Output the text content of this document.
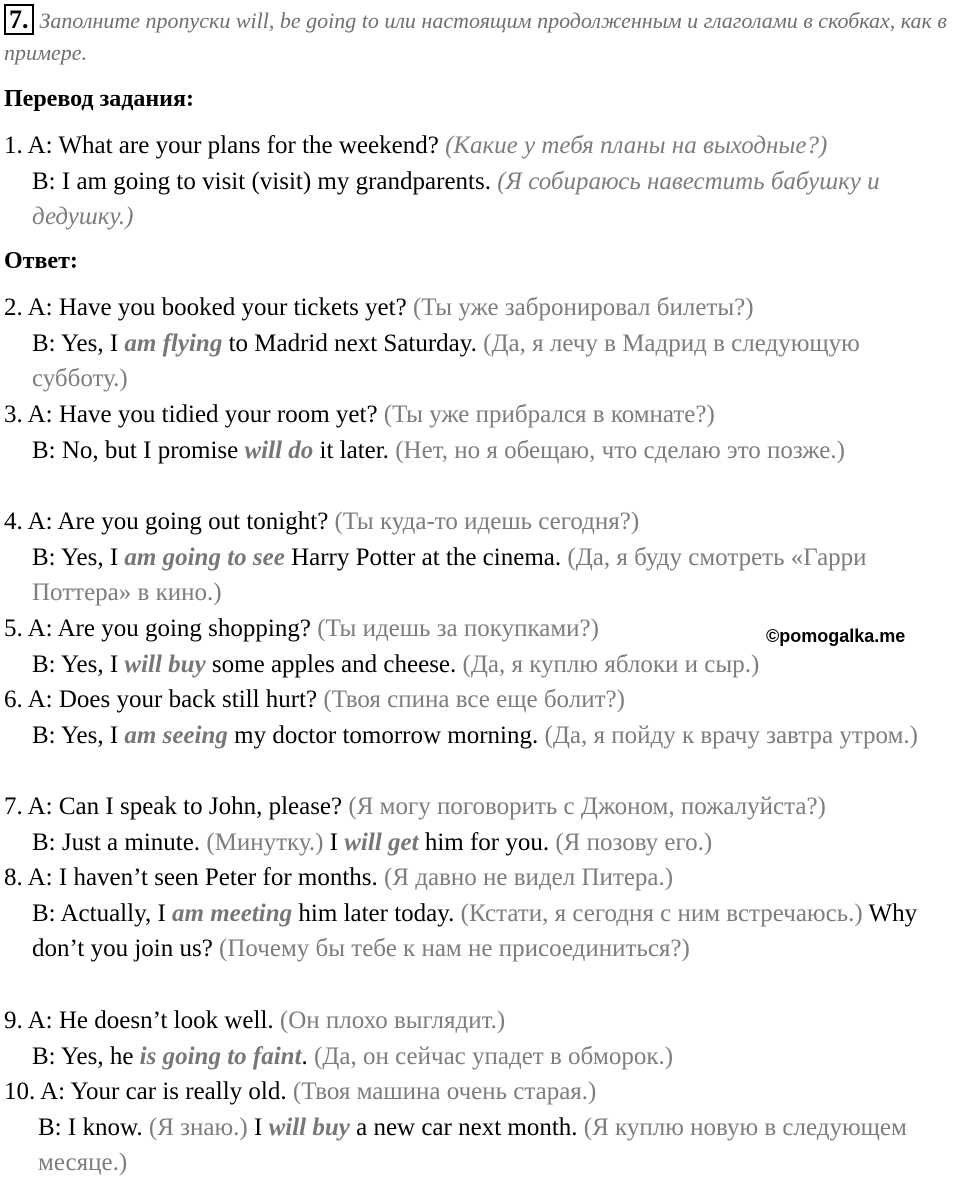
7. Заполните пропуски will, be going to или настоящим продолженным и глаголами в скобках, как в примере.
Перевод задания:
1. A: What are your plans for the weekend? (Какие у тебя планы на выходные?)
B: I am going to visit (visit) my grandparents. (Я собираюсь навестить бабушку и дедушку.)
Ответ:
2. A: Have you booked your tickets yet? (Ты уже забронировал билеты?)
B: Yes, I am flying to Madrid next Saturday. (Да, я лечу в Мадрид в следующую субботу.)
3. A: Have you tidied your room yet? (Ты уже прибрался в комнате?)
B: No, but I promise will do it later. (Нет, но я обещаю, что сделаю это позже.)
4. A: Are you going out tonight? (Ты куда-то идешь сегодня?)
B: Yes, I am going to see Harry Potter at the cinema. (Да, я буду смотреть «Гарри Поттера» в кино.)
5. A: Are you going shopping? (Ты идешь за покупками?)
B: Yes, I will buy some apples and cheese. (Да, я куплю яблоки и сыр.)
6. A: Does your back still hurt? (Твоя спина все еще болит?)
B: Yes, I am seeing my doctor tomorrow morning. (Да, я пойду к врачу завтра утром.)
7. A: Can I speak to John, please? (Я могу поговорить с Джоном, пожалуйста?)
B: Just a minute. (Минутку.) I will get him for you. (Я позову его.)
8. A: I haven’t seen Peter for months. (Я давно не видел Питера.)
B: Actually, I am meeting him later today. (Кстати, я сегодня с ним встречаюсь.) Why don’t you join us? (Почему бы тебе к нам не присоединиться?)
9. A: He doesn’t look well. (Он плохо выглядит.)
B: Yes, he is going to faint. (Да, он сейчас упадет в обморок.)
10. A: Your car is really old. (Твоя машина очень старая.)
B: I know. (Я знаю.) I will buy a new car next month. (Я куплю новую в следующем месяце.)
©pomogalka.me
